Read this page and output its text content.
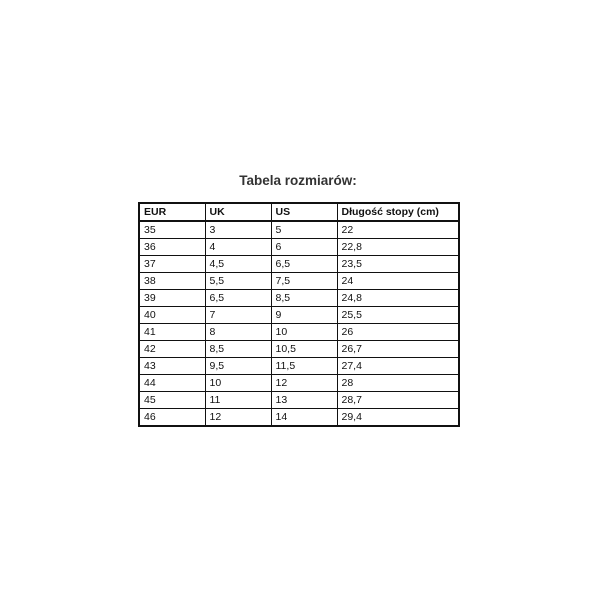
Tabela rozmiarów:
EUR	UK	US	Długość stopy (cm)
35	3	5	22
36	4	6	22,8
37	4,5	6,5	23,5
38	5,5	7,5	24
39	6,5	8,5	24,8
40	7	9	25,5
41	8	10	26
42	8,5	10,5	26,7
43	9,5	11,5	27,4
44	10	12	28
45	11	13	28,7
46	12	14	29,4
